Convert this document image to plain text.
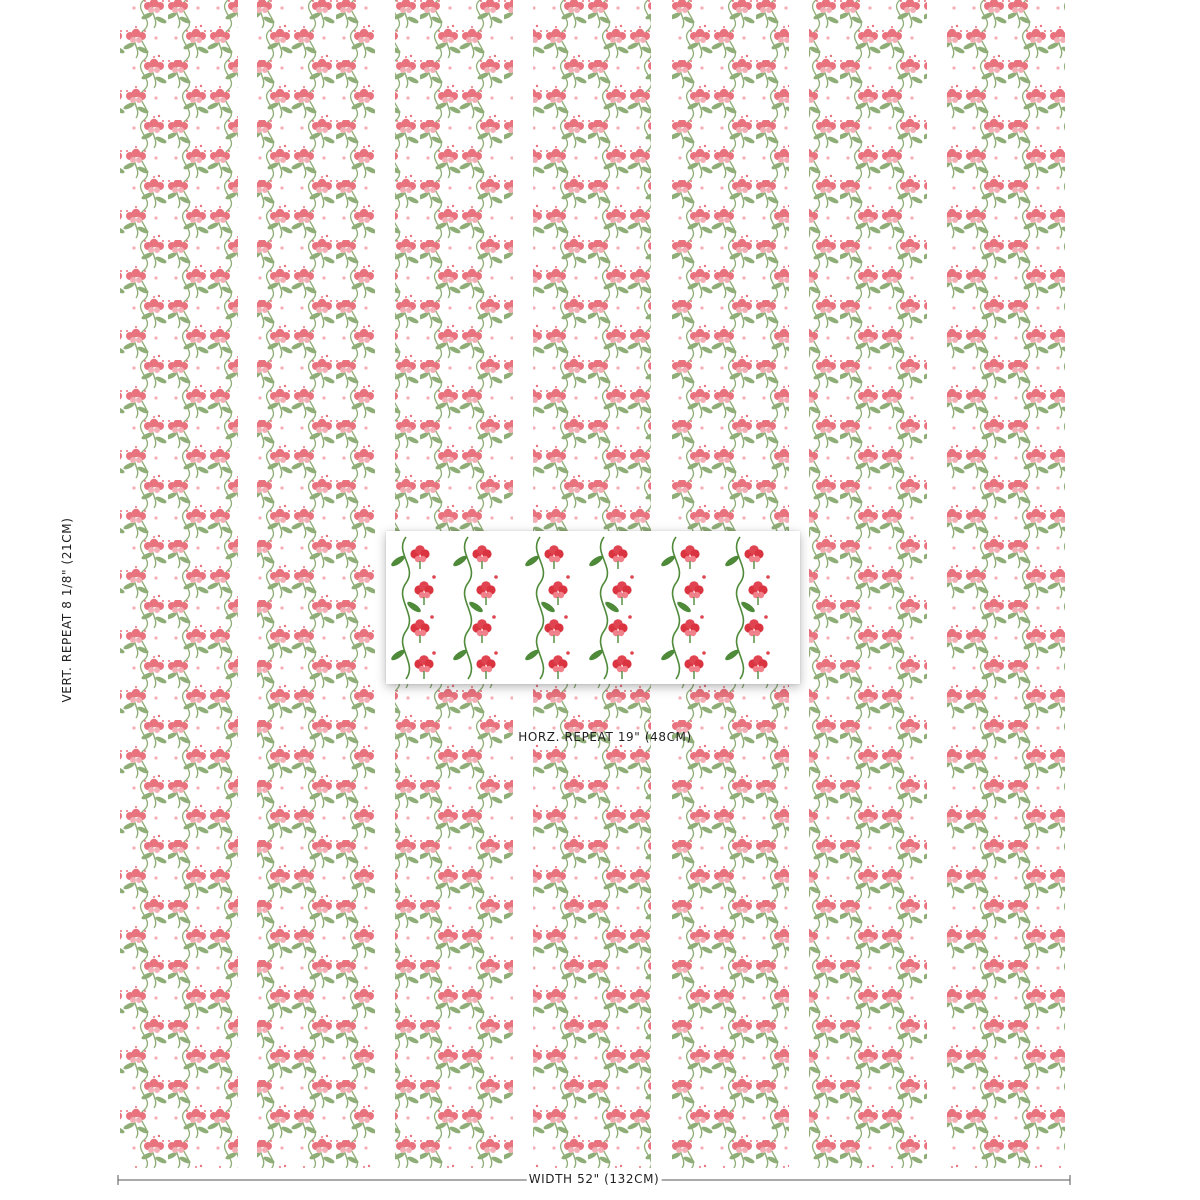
VERT. REPEAT 8 1/8" (21CM)
HORZ. REPEAT 19" (48CM)
WIDTH 52" (132CM)
